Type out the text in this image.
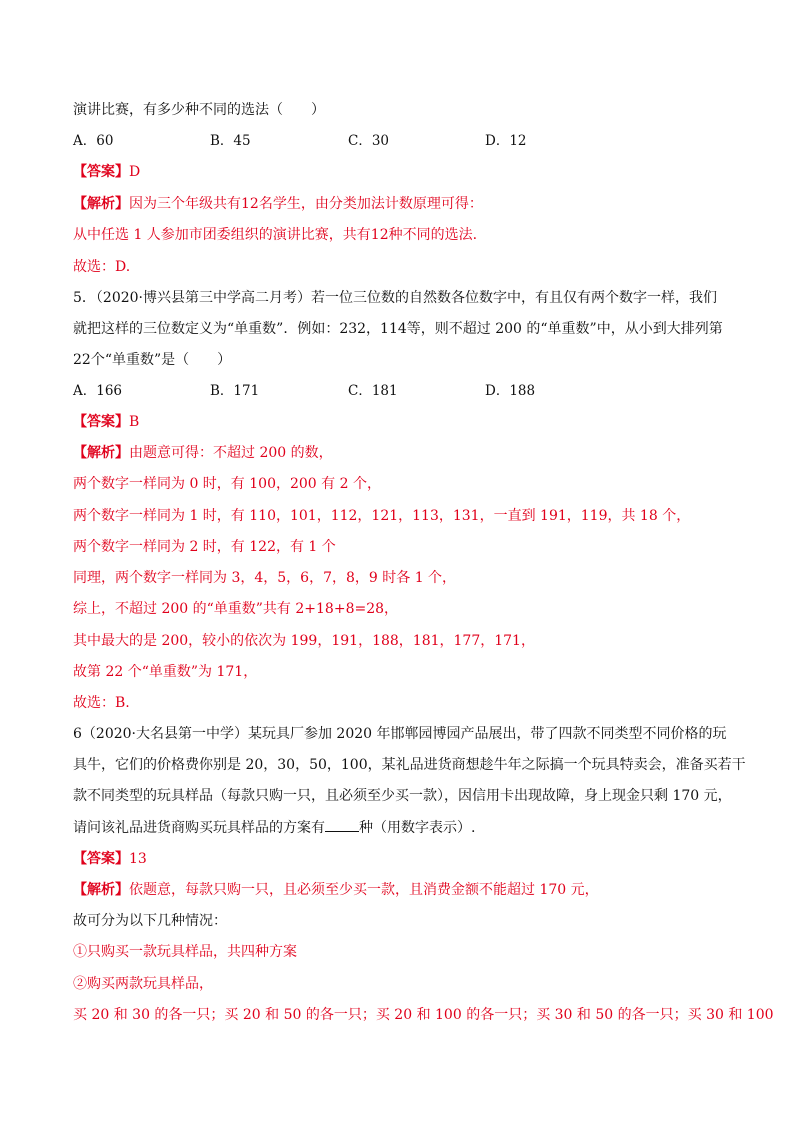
演讲比赛，有多少种不同的选法（　　）
A．60	B．45	C．30	D．12
【答案】D
【解析】因为三个年级共有12名学生，由分类加法计数原理可得：
从中任选 1 人参加市团委组织的演讲比赛，共有12种不同的选法.
故选：D.
5．（2020·博兴县第三中学高二月考）若一位三位数的自然数各位数字中，有且仅有两个数字一样，我们
就把这样的三位数定义为“单重数”．例如：232，114等，则不超过 200 的“单重数”中，从小到大排列第
22个“单重数”是（　　）
A．166	B．171	C．181	D．188
【答案】B
【解析】由题意可得：不超过 200 的数，
两个数字一样同为 0 时，有 100，200 有 2 个，
两个数字一样同为 1 时，有 110，101，112，121，113，131，一直到 191，119，共 18 个，
两个数字一样同为 2 时，有 122，有 1 个
同理，两个数字一样同为 3，4，5，6，7，8，9 时各 1 个，
综上，不超过 200 的“单重数”共有 2+18+8=28，
其中最大的是 200，较小的依次为 199，191，188，181，177，171，
故第 22 个“单重数”为 171，
故选：B.
6（2020·大名县第一中学）某玩具厂参加 2020 年邯郸园博园产品展出，带了四款不同类型不同价格的玩
具牛，它们的价格费你别是 20，30，50，100，某礼品进货商想趁牛年之际搞一个玩具特卖会，准备买若干
款不同类型的玩具样品（每款只购一只，且必须至少买一款），因信用卡出现故障，身上现金只剩 170 元，
请问该礼品进货商购买玩具样品的方案有 种（用数字表示）.
【答案】13
【解析】依题意，每款只购一只，且必须至少买一款，且消费金额不能超过 170 元，
故可分为以下几种情况：
①只购买一款玩具样品，共四种方案
②购买两款玩具样品，
买 20 和 30 的各一只；买 20 和 50 的各一只；买 20 和 100 的各一只；买 30 和 50 的各一只；买 30 和 100
